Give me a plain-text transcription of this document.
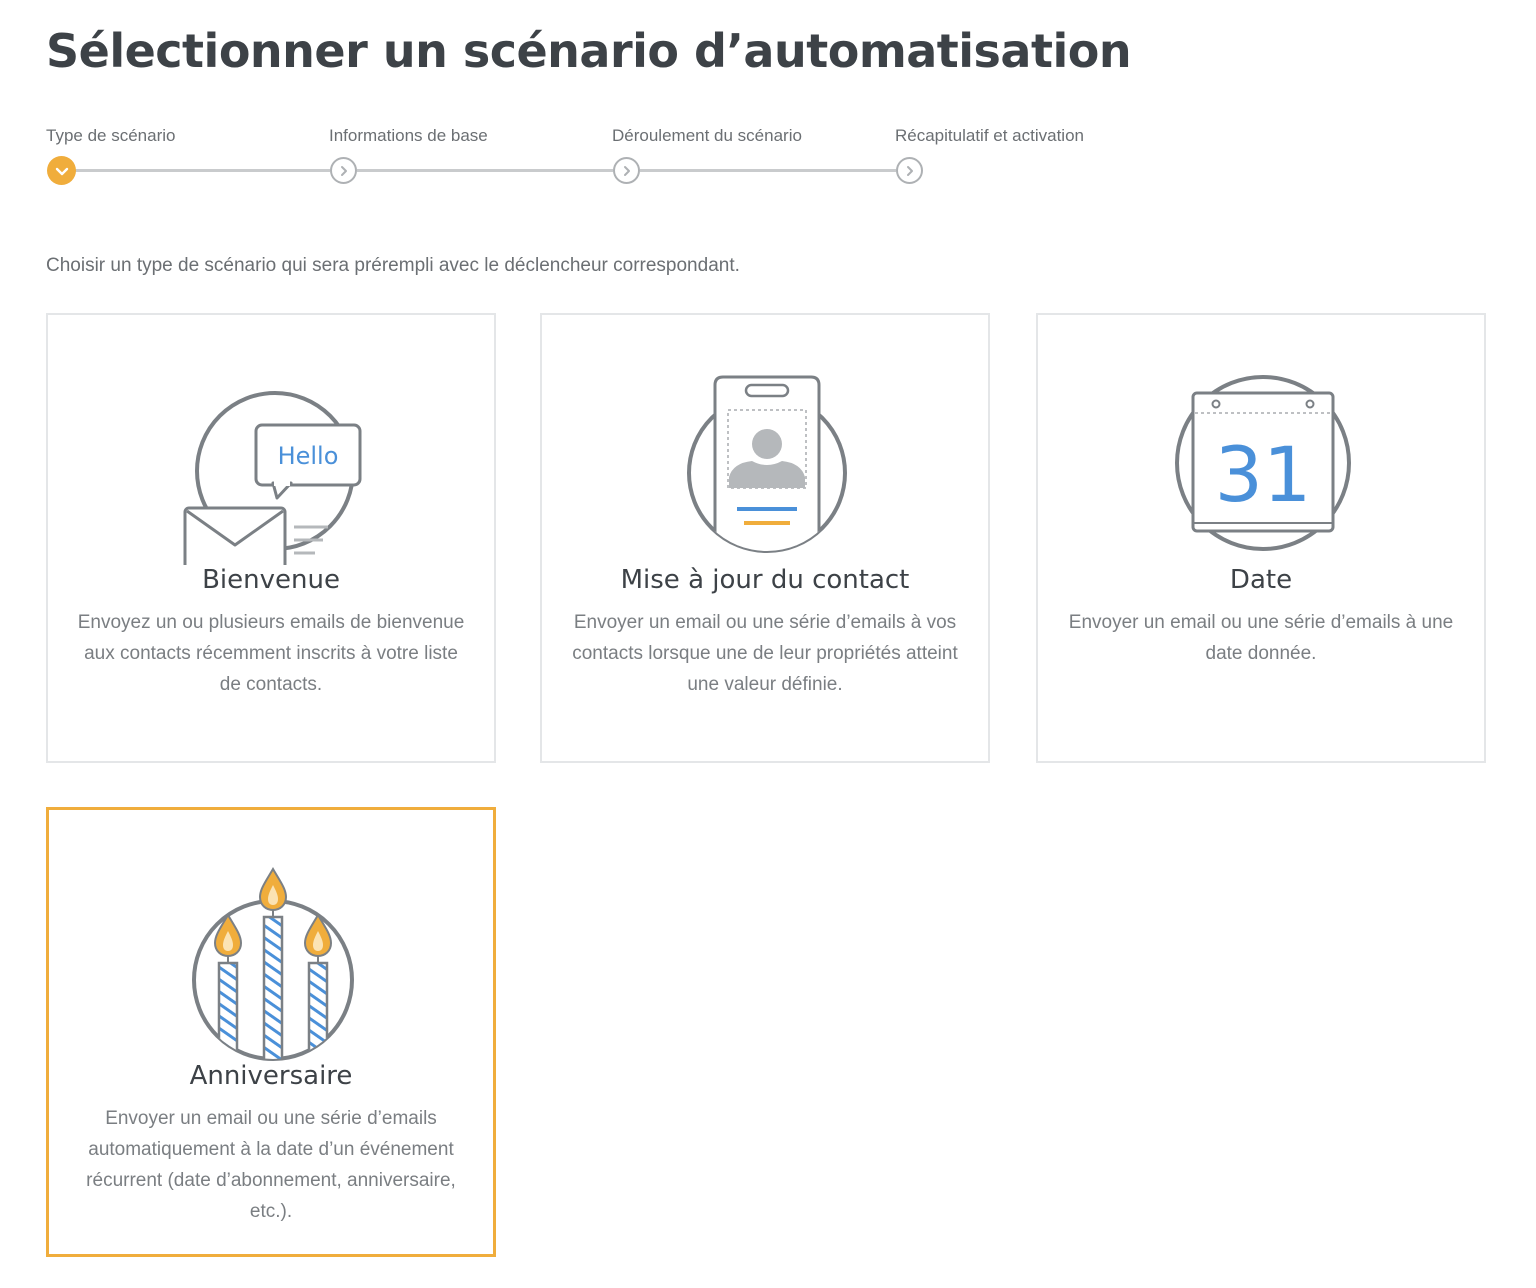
Sélectionner un scénario d’automatisation
Type de scénario	Informations de base	Déroulement du scénario	Récapitulatif et activation

Choisir un type de scénario qui sera prérempli avec le déclencheur correspondant.

Hello
Bienvenue
Envoyez un ou plusieurs emails de bienvenue aux contacts récemment inscrits à votre liste de contacts.
Mise à jour du contact
Envoyer un email ou une série d’emails à vos contacts lorsque une de leur propriétés atteint une valeur définie.
31
Date
Envoyer un email ou une série d’emails à une date donnée.
Anniversaire
Envoyer un email ou une série d’emails automatiquement à la date d’un événement récurrent (date d’abonnement, anniversaire, etc.).
